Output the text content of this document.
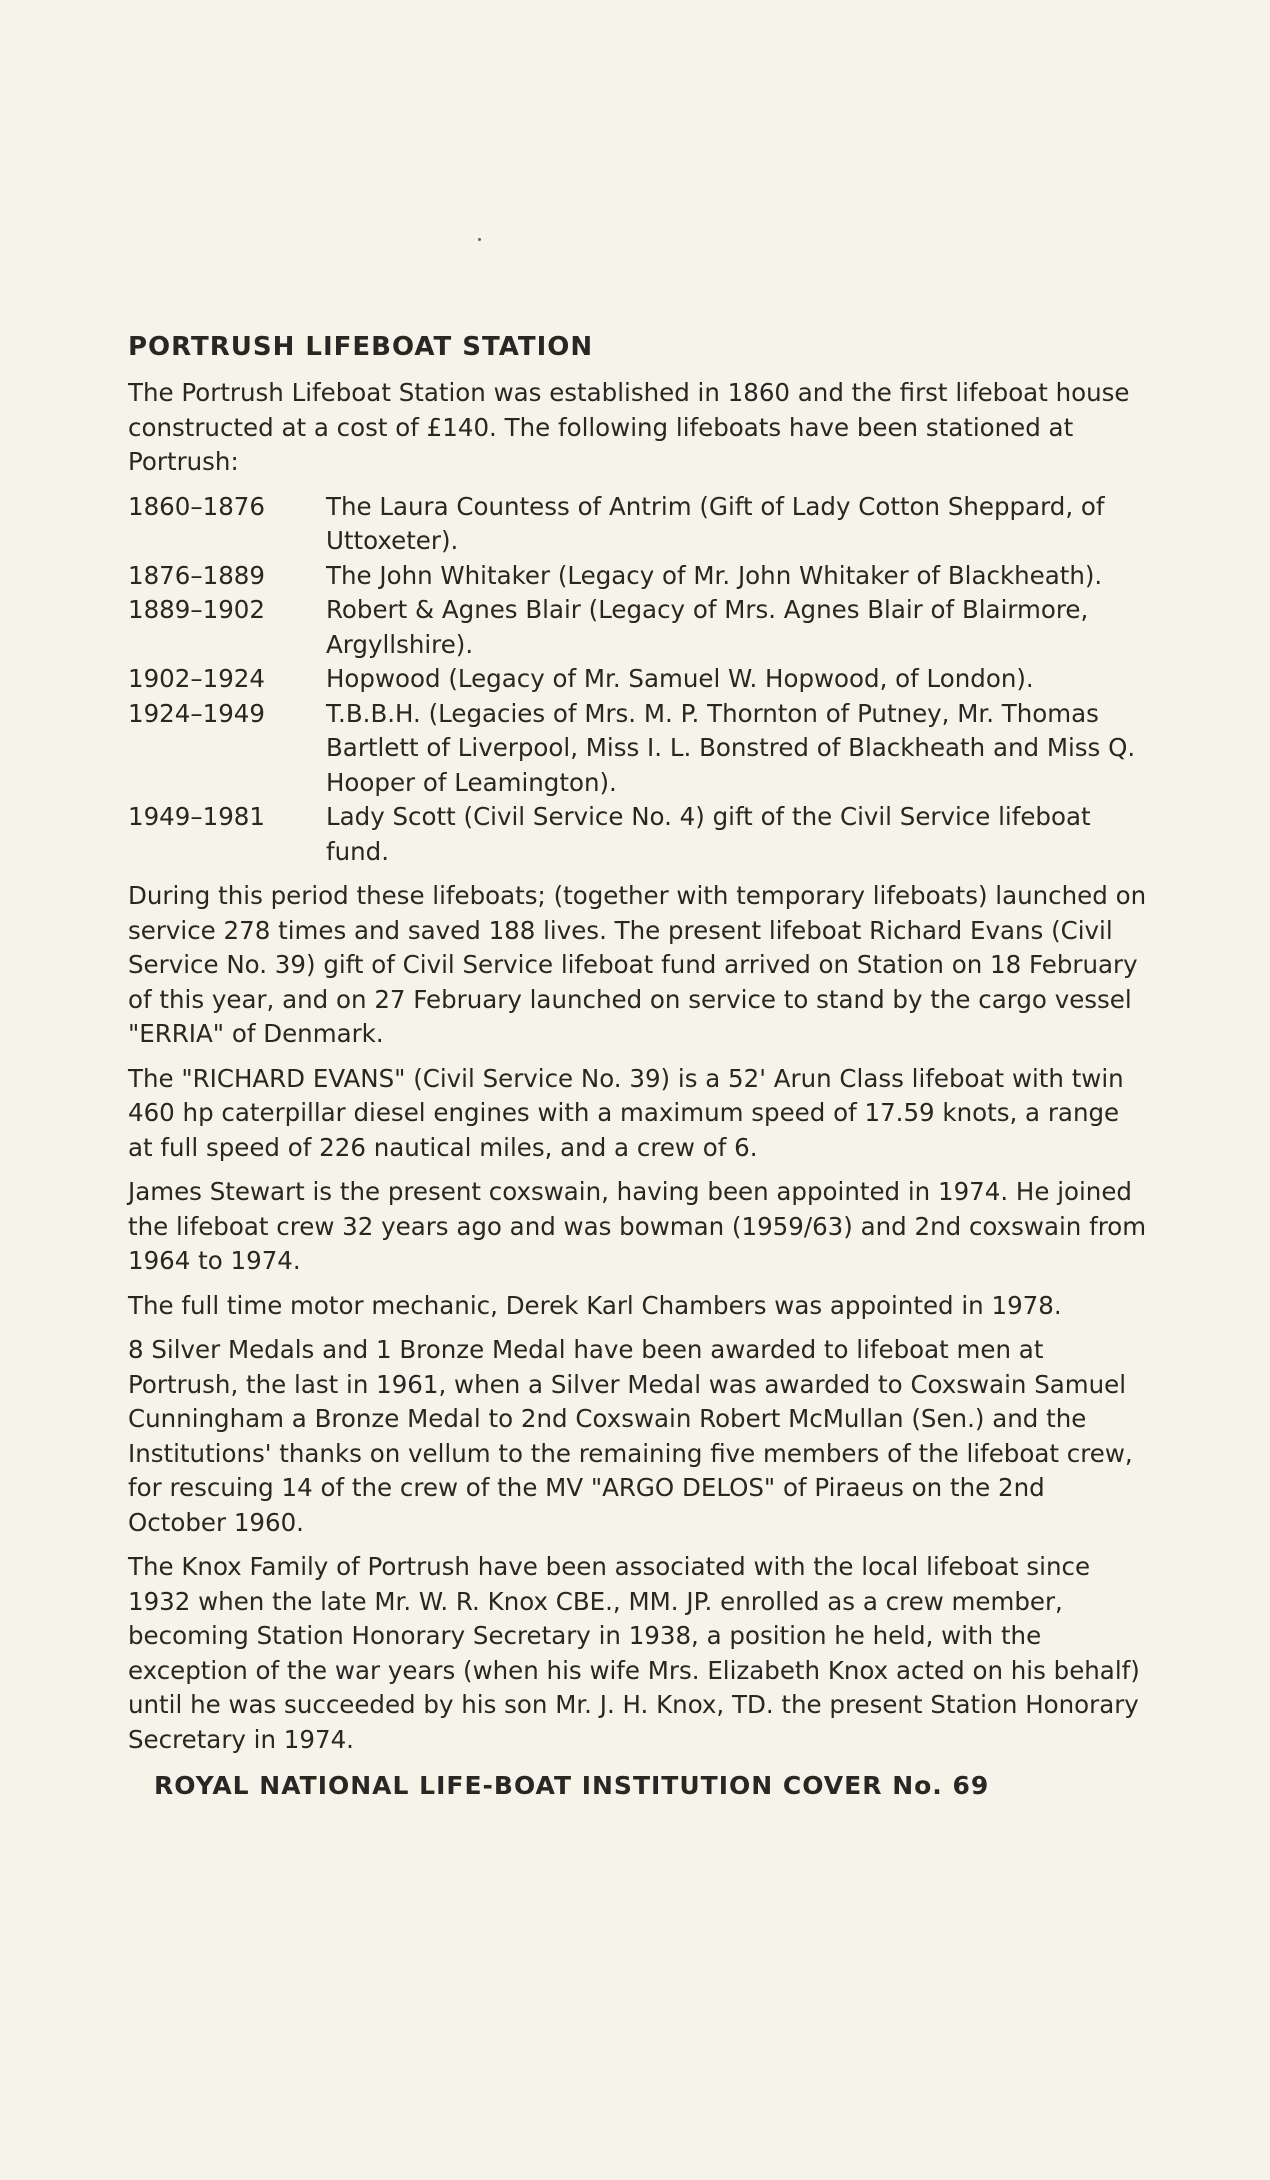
PORTRUSH LIFEBOAT STATION
The Portrush Lifeboat Station was established in 1860 and the first lifeboat house constructed at a cost of £140. The following lifeboats have been stationed at Portrush:
1860–1876	The Laura Countess of Antrim (Gift of Lady Cotton Sheppard, of Uttoxeter).
1876–1889	The John Whitaker (Legacy of Mr. John Whitaker of Blackheath).
1889–1902	Robert & Agnes Blair (Legacy of Mrs. Agnes Blair of Blairmore, Argyllshire).
1902–1924	Hopwood (Legacy of Mr. Samuel W. Hopwood, of London).
1924–1949	T.B.B.H. (Legacies of Mrs. M. P. Thornton of Putney, Mr. Thomas Bartlett of Liverpool, Miss I. L. Bonstred of Blackheath and Miss Q. Hooper of Leamington).
1949–1981	Lady Scott (Civil Service No. 4) gift of the Civil Service lifeboat fund.
During this period these lifeboats; (together with temporary lifeboats) launched on service 278 times and saved 188 lives. The present lifeboat Richard Evans (Civil Service No. 39) gift of Civil Service lifeboat fund arrived on Station on 18 February of this year, and on 27 February launched on service to stand by the cargo vessel "ERRIA" of Denmark.
The "RICHARD EVANS" (Civil Service No. 39) is a 52' Arun Class lifeboat with twin 460 hp caterpillar diesel engines with a maximum speed of 17.59 knots, a range at full speed of 226 nautical miles, and a crew of 6.
James Stewart is the present coxswain, having been appointed in 1974. He joined the lifeboat crew 32 years ago and was bowman (1959/63) and 2nd coxswain from 1964 to 1974.
The full time motor mechanic, Derek Karl Chambers was appointed in 1978.
8 Silver Medals and 1 Bronze Medal have been awarded to lifeboat men at Portrush, the last in 1961, when a Silver Medal was awarded to Coxswain Samuel Cunningham a Bronze Medal to 2nd Coxswain Robert McMullan (Sen.) and the Institutions' thanks on vellum to the remaining five members of the lifeboat crew, for rescuing 14 of the crew of the MV "ARGO DELOS" of Piraeus on the 2nd October 1960.
The Knox Family of Portrush have been associated with the local lifeboat since 1932 when the late Mr. W. R. Knox CBE., MM. JP. enrolled as a crew member, becoming Station Honorary Secretary in 1938, a position he held, with the exception of the war years (when his wife Mrs. Elizabeth Knox acted on his behalf) until he was succeeded by his son Mr. J. H. Knox, TD. the present Station Honorary Secretary in 1974.
ROYAL NATIONAL LIFE-BOAT INSTITUTION COVER No. 69
